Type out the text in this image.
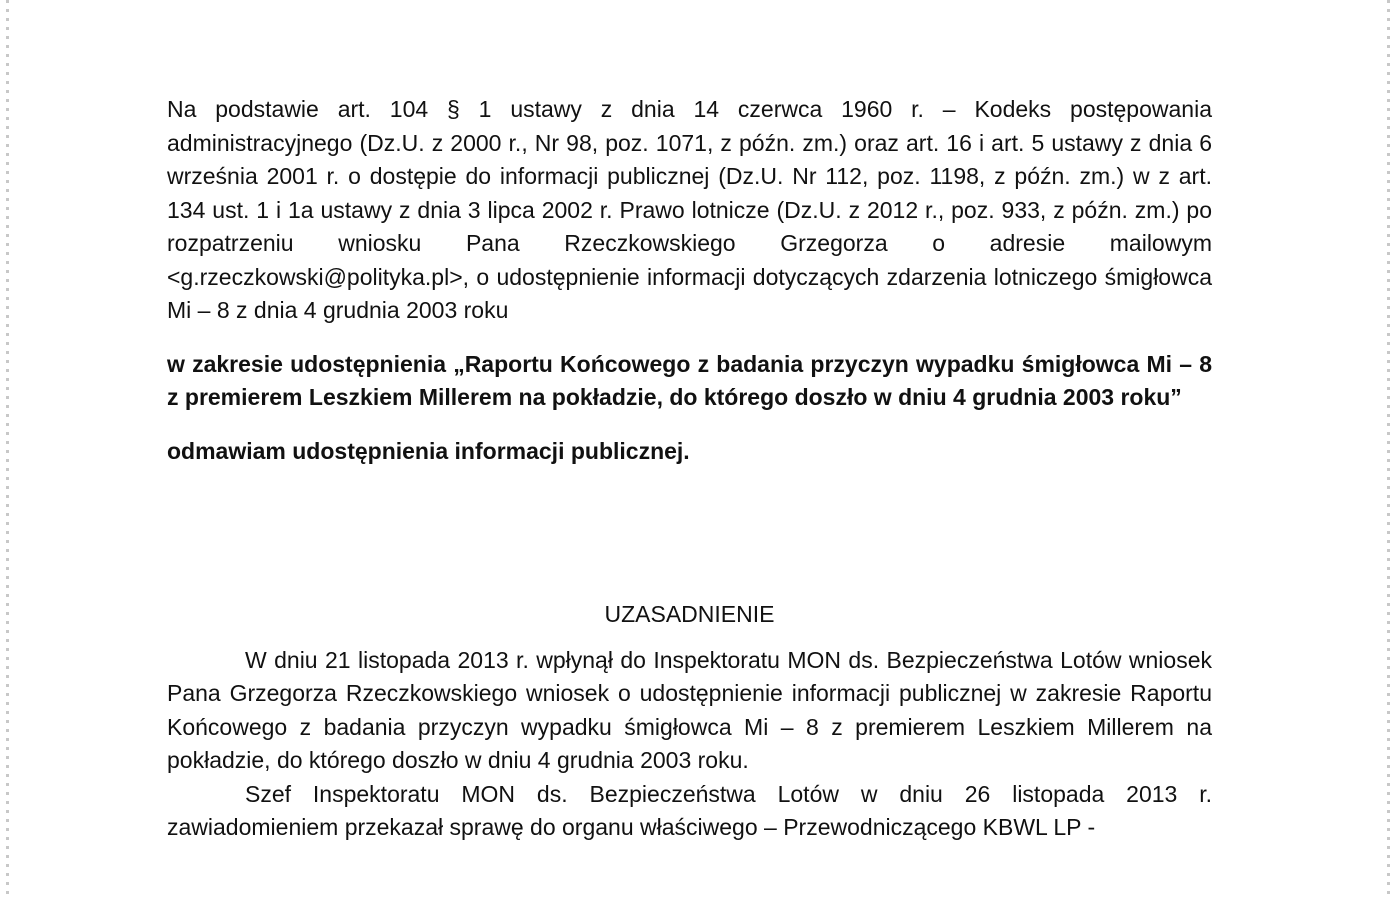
Na podstawie art. 104 § 1 ustawy z dnia 14 czerwca 1960 r. – Kodeks postępowania administracyjnego (Dz.U. z 2000 r., Nr 98, poz. 1071, z późn. zm.) oraz art. 16 i art. 5 ustawy z dnia 6 września 2001 r. o dostępie do informacji publicznej (Dz.U. Nr 112, poz. 1198, z późn. zm.) w z art. 134 ust. 1 i 1a ustawy z dnia 3 lipca 2002 r. Prawo lotnicze (Dz.U. z 2012 r., poz. 933, z późn. zm.) po rozpatrzeniu wniosku Pana Rzeczkowskiego Grzegorza o adresie mailowym <g.rzeczkowski@polityka.pl>, o udostępnienie informacji dotyczących zdarzenia lotniczego śmigłowca Mi – 8 z dnia 4 grudnia 2003 roku

w zakresie udostępnienia „Raportu Końcowego z badania przyczyn wypadku śmigłowca Mi – 8 z premierem Leszkiem Millerem na pokładzie, do którego doszło w dniu 4 grudnia 2003 roku”

odmawiam udostępnienia informacji publicznej.

UZASADNIENIE

W dniu 21 listopada 2013 r. wpłynął do Inspektoratu MON ds. Bezpieczeństwa Lotów wniosek Pana Grzegorza Rzeczkowskiego wniosek o udostępnienie informacji publicznej w zakresie Raportu Końcowego z badania przyczyn wypadku śmigłowca Mi – 8 z premierem Leszkiem Millerem na pokładzie, do którego doszło w dniu 4 grudnia 2003 roku.

Szef Inspektoratu MON ds. Bezpieczeństwa Lotów w dniu 26 listopada 2013 r. zawiadomieniem przekazał sprawę do organu właściwego – Przewodniczącego KBWL LP -
